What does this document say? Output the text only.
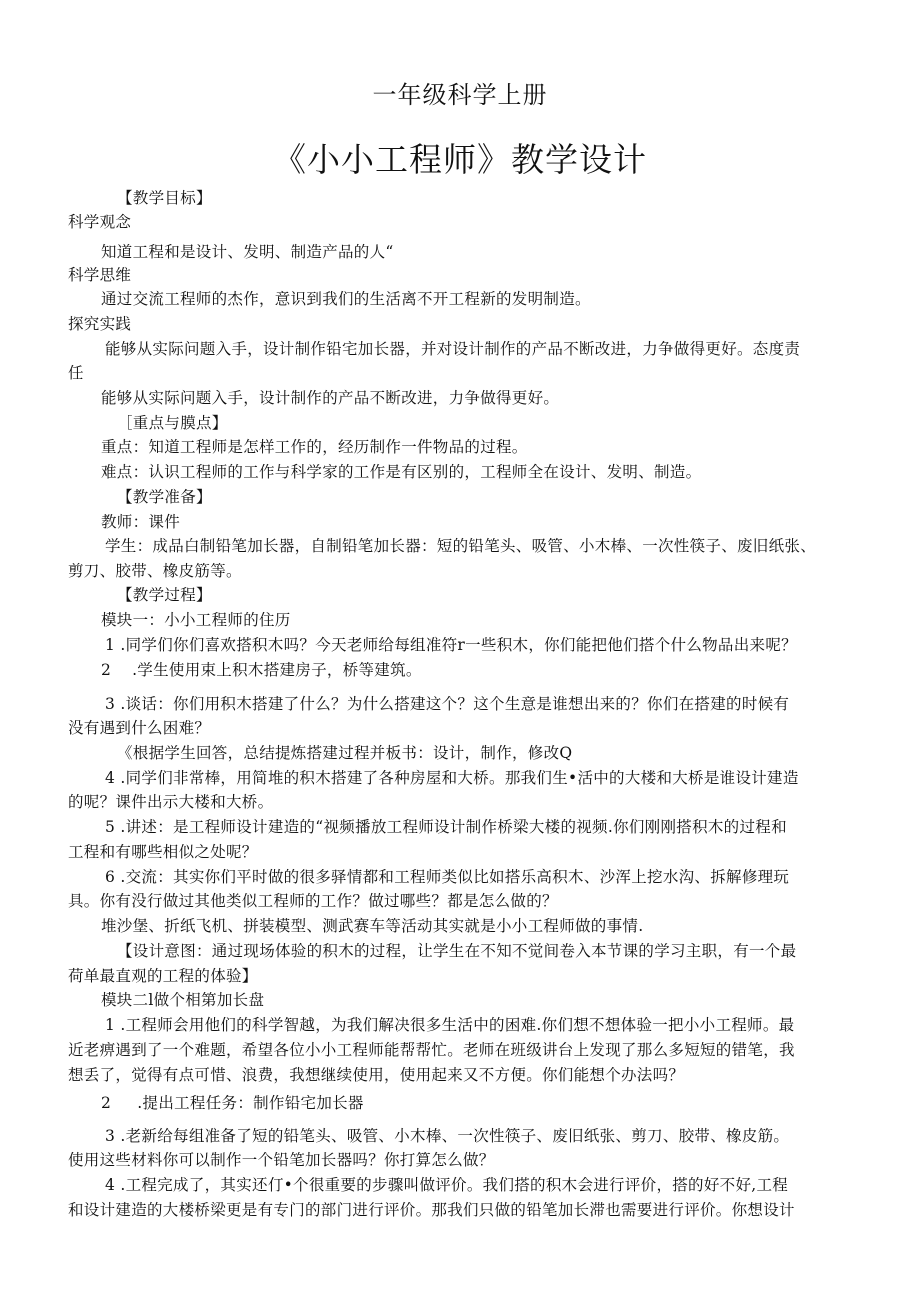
一年级科学上册
《小小工程师》教学设计
【教学目标】
科学观念
知道工程和是设计、发明、制造产品的人“
科学思维
通过交流工程师的杰作，意识到我们的生活离不开工程新的发明制造。
探究实践
能够从实际问题入手，设计制作铅宅加长器，并对设计制作的产品不断改进，力争做得更好。态度责
任
能够从实际问题入手，设计制作的产品不断改进，力争做得更好。
［重点与膜点】
重点：知道工程师是怎样工作的，经历制作一件物品的过程。
难点：认识工程师的工作与科学家的工作是有区别的，工程师全在设计、发明、制造。
【教学准备】
教师：课件
学生：成品白制铅笔加长器，自制铅笔加长器：短的铅笔头、吸管、小木棒、一次性筷子、废旧纸张、
剪刀、胶带、橡皮筋等。
【教学过程】
模块一：小小工程师的住历
1 .同学们你们喜欢搭积木吗？今天老师给每组准符r一些积木，你们能把他们搭个什么物品出来呢？
2    .学生使用束上积木搭建房子，桥等建筑。
3 .谈话：你们用积木搭建了什么？为什么搭建这个？这个生意是谁想出来的？你们在搭建的时候有
没有遇到什么困难？
《根据学生回答，总结提炼搭建过程并板书：设计，制作，修改Q
4 .同学们非常棒，用简堆的积木搭建了各种房屋和大桥。那我们生•活中的大楼和大桥是谁设计建造
的呢？课件出示大楼和大桥。
5 .讲述：是工程师设计建造的“视频播放工程师设计制作桥梁大楼的视频.你们刚刚搭积木的过程和
工程和有哪些相似之处呢？
6 .交流：其实你们平时做的很多驿情都和工程师类似比如搭乐高积木、沙浑上挖水沟、拆解修理玩
具。你有没行做过其他类似工程师的工作？做过哪些？都是怎么做的？
堆沙堡、折纸飞机、拼装模型、测武赛车等活动其实就是小小工程师做的事情.
【设计意图：通过现场体验的积木的过程，让学生在不知不觉间卷入本节课的学习主职，有一个最
荷单最直观的工程的体验】
模块二l做个相第加长盘
1 .工程师会用他们的科学智越，为我们解决很多生活中的困难.你们想不想体验一把小小工程师。最
近老痹遇到了一个难题，希望各位小小工程师能帮帮忙。老师在班级讲台上发现了那么多短短的错笔，我
想丢了，觉得有点可惜、浪费，我想继续使用，使用起来又不方便。你们能想个办法吗？
2     .提出工程任务：制作铅宅加长器
3 .老新给每组准备了短的铅笔头、吸管、小木棒、一次性筷子、废旧纸张、剪刀、胶带、橡皮筋。
使用这些材料你可以制作一个铅笔加长器吗？你打算怎么做？
4 .工程完成了，其实还仃•个很重要的步骤叫做评价。我们搭的积木会进行评价，搭的好不好,工程
和设计建造的大楼桥梁更是有专门的部门进行评价。那我们只做的铅笔加长滞也需要进行评价。你想设计
